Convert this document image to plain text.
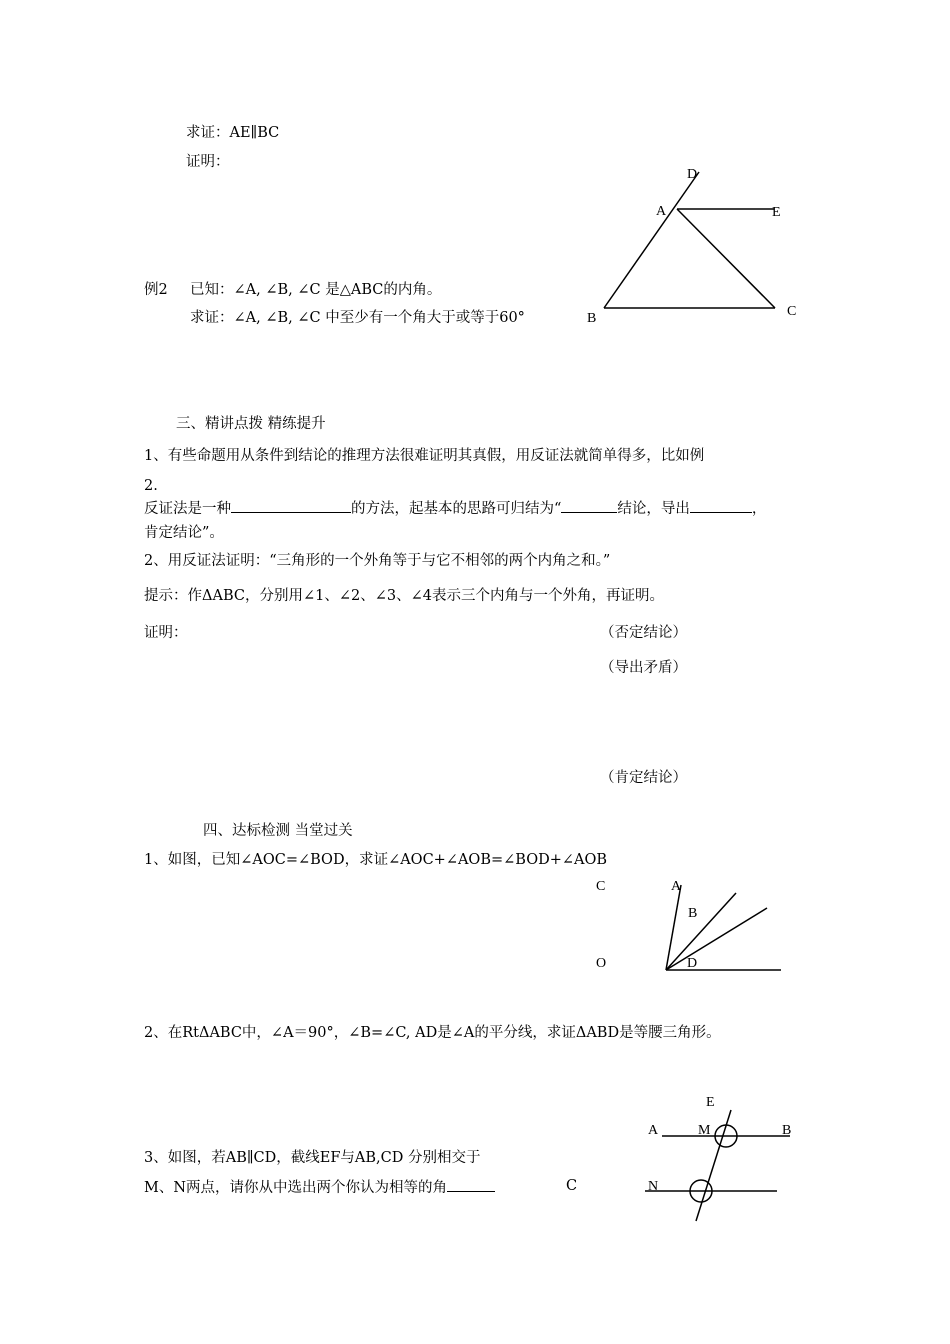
求证：AE∥BC
证明：
例2 已知：∠A, ∠B, ∠C 是△ABC的内角。
求证：∠A, ∠B, ∠C 中至少有一个角大于或等于60°
D
A	E
B	C
三、精讲点拨 精练提升
1、有些命题用从条件到结论的推理方法很难证明其真假，用反证法就简单得多，比如例
2.
反证法是一种	的方法，起基本的思路可归结为“	结论，导出	，
肯定结论”。
2、用反证法证明：“三角形的一个外角等于与它不相邻的两个内角之和。”
提示：作ΔABC，分别用∠1、∠2、∠3、∠4表示三个内角与一个外角，再证明。
证明：	（否定结论）
（导出矛盾）
（肯定结论）
四、达标检测 当堂过关
1、如图，已知∠AOC=∠BOD，求证∠AOC+∠AOB=∠BOD+∠AOB
C	A
B
O	D
2、在RtΔABC中，∠A＝90°，∠B=∠C, AD是∠A的平分线，求证ΔABD是等腰三角形。
E
A	M	B
N
3、如图，若AB∥CD，截线EF与AB,CD 分别相交于
M、N两点，请你从中选出两个你认为相等的角	C
